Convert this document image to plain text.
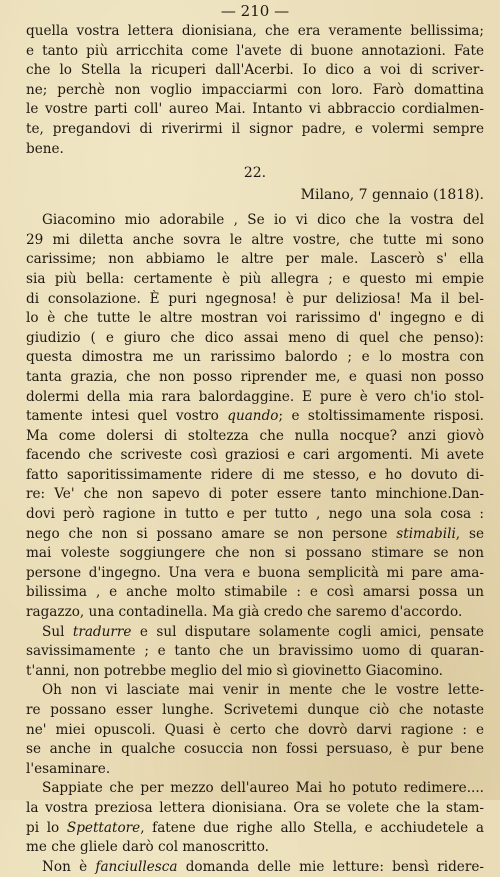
— 210 —
quella vostra lettera dionisiana, che era veramente bellissima;
e tanto più arricchita come l'avete di buone annotazioni. Fate
che lo Stella la ricuperi dall'Acerbi. Io dico a voi di scriver-
ne; perchè non voglio impacciarmi con loro. Farò domattina
le vostre parti coll' aureo Mai. Intanto vi abbraccio cordialmen-
te, pregandovi di riverirmi il signor padre, e volermi sempre
bene.
22.
Milano, 7 gennaio (1818).
Giacomino mio adorabile , Se io vi dico che la vostra del
29 mi diletta anche sovra le altre vostre, che tutte mi sono
carissime; non abbiamo le altre per male. Lascerò s' ella
sia più bella: certamente è più allegra ; e questo mi empie
di consolazione. È puri ngegnosa! è pur deliziosa! Ma il bel-
lo è che tutte le altre mostran voi rarissimo d' ingegno e di
giudizio ( e giuro che dico assai meno di quel che penso):
questa dimostra me un rarissimo balordo ; e lo mostra con
tanta grazia, che non posso riprender me, e quasi non posso
dolermi della mia rara balordaggine. E pure è vero ch'io stol-
tamente intesi quel vostro quando; e stoltissimamente risposi.
Ma come dolersi di stoltezza che nulla nocque? anzi giovò
facendo che scriveste così graziosi e cari argomenti. Mi avete
fatto saporitissimamente ridere di me stesso, e ho dovuto di-
re: Ve' che non sapevo di poter essere tanto minchione.Dan-
dovi però ragione in tutto e per tutto , nego una sola cosa :
nego che non si possano amare se non persone stimabili, se
mai voleste soggiungere che non si possano stimare se non
persone d'ingegno. Una vera e buona semplicità mi pare ama-
bilissima , e anche molto stimabile : e così amarsi possa un
ragazzo, una contadinella. Ma già credo che saremo d'accordo.
Sul tradurre e sul disputare solamente cogli amici, pensate
savissimamente ; e tanto che un bravissimo uomo di quaran-
t'anni, non potrebbe meglio del mio sì giovinetto Giacomino.
Oh non vi lasciate mai venir in mente che le vostre lette-
re possano esser lunghe. Scrivetemi dunque ciò che notaste
ne' miei opuscoli. Quasi è certo che dovrò darvi ragione : e
se anche in qualche cosuccia non fossi persuaso, è pur bene
l'esaminare.
Sappiate che per mezzo dell'aureo Mai ho potuto redimere....
la vostra preziosa lettera dionisiana. Ora se volete che la stam-
pi lo Spettatore, fatene due righe allo Stella, e acchiudetele a
me che gliele darò col manoscritto.
Non è fanciullesca domanda delle mie letture: bensì ridere-
